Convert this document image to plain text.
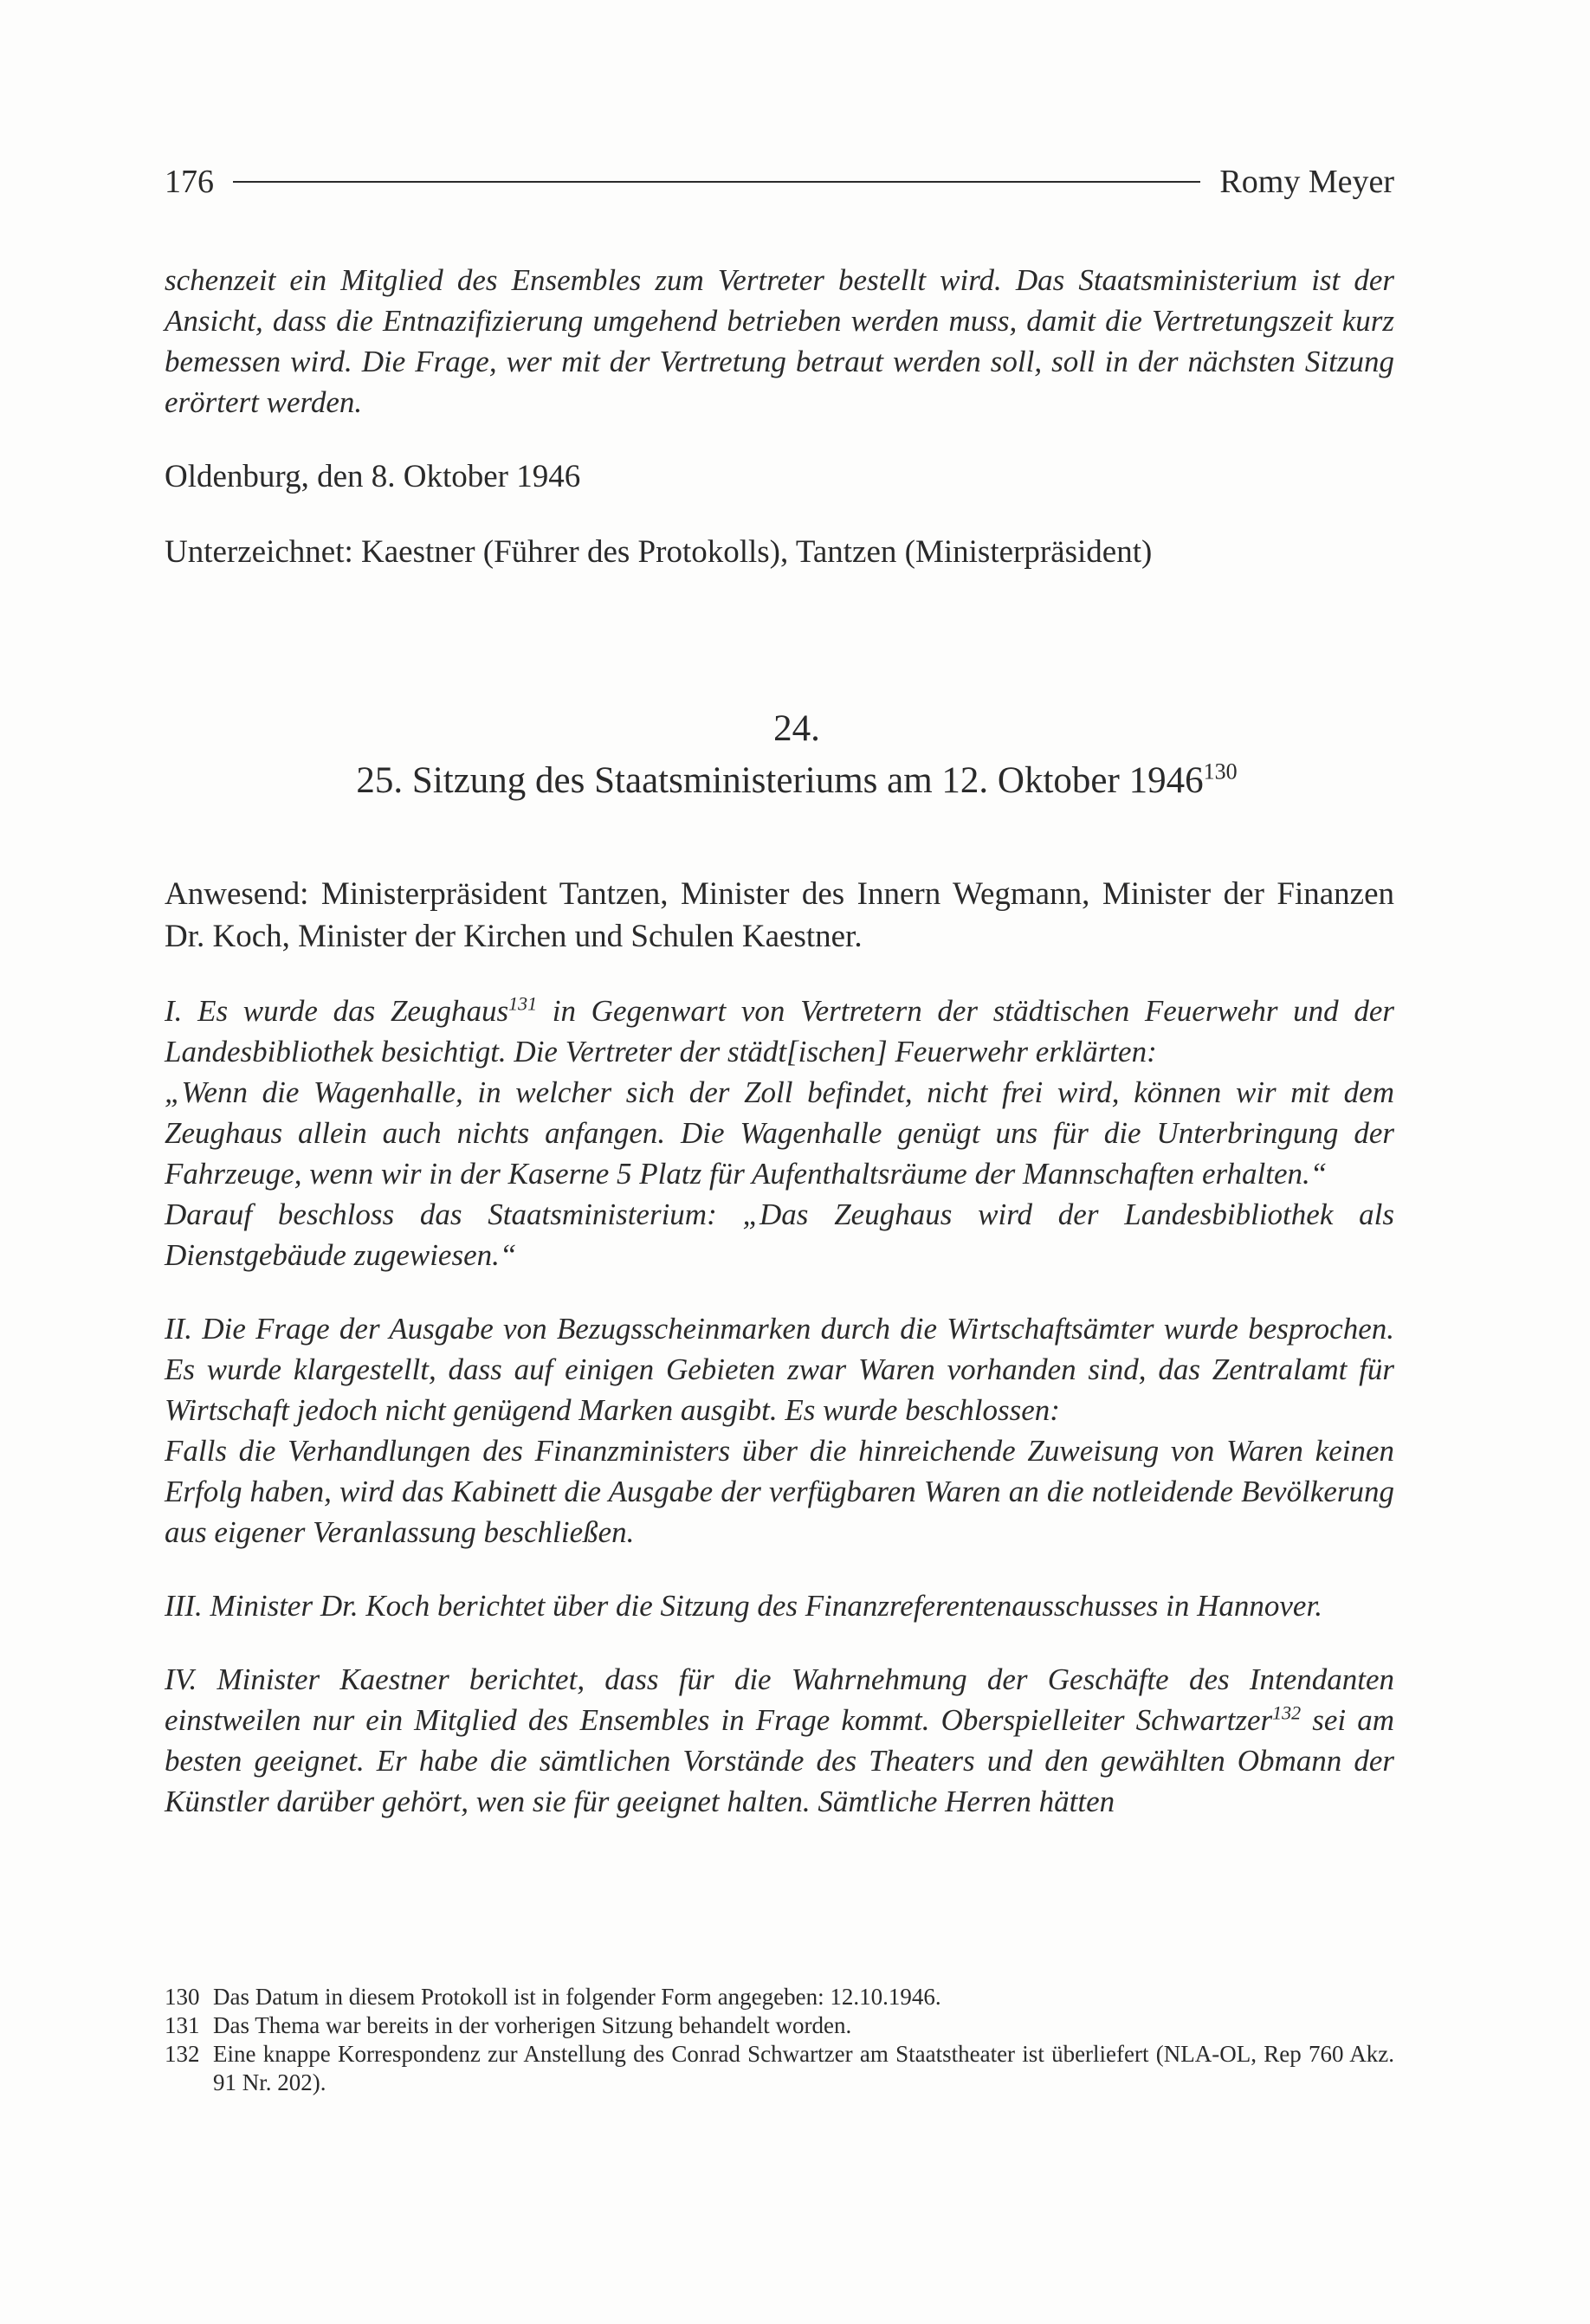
176	Romy Meyer

schenzeit ein Mitglied des Ensembles zum Vertreter bestellt wird. Das Staatsministerium ist der Ansicht, dass die Entnazifizierung umgehend betrieben werden muss, damit die Vertretungszeit kurz bemessen wird. Die Frage, wer mit der Vertretung betraut werden soll, soll in der nächsten Sitzung erörtert werden.

Oldenburg, den 8. Oktober 1946

Unterzeichnet: Kaestner (Führer des Protokolls), Tantzen (Ministerpräsident)

24.
25. Sitzung des Staatsministeriums am 12. Oktober 1946$^{130}$

Anwesend: Ministerpräsident Tantzen, Minister des Innern Wegmann, Minister der Finanzen Dr. Koch, Minister der Kirchen und Schulen Kaestner.

I. Es wurde das Zeughaus$^{131}$ in Gegenwart von Vertretern der städtischen Feuerwehr und der Landesbibliothek besichtigt. Die Vertreter der städt[ischen] Feuerwehr erklärten:

„Wenn die Wagenhalle, in welcher sich der Zoll befindet, nicht frei wird, können wir mit dem Zeughaus allein auch nichts anfangen. Die Wagenhalle genügt uns für die Unterbringung der Fahrzeuge, wenn wir in der Kaserne 5 Platz für Aufenthaltsräume der Mannschaften erhalten.“

Darauf beschloss das Staatsministerium: „Das Zeughaus wird der Landesbibliothek als Dienstgebäude zugewiesen.“

II. Die Frage der Ausgabe von Bezugsscheinmarken durch die Wirtschaftsämter wurde besprochen. Es wurde klargestellt, dass auf einigen Gebieten zwar Waren vorhanden sind, das Zentralamt für Wirtschaft jedoch nicht genügend Marken ausgibt. Es wurde beschlossen:

Falls die Verhandlungen des Finanzministers über die hinreichende Zuweisung von Waren keinen Erfolg haben, wird das Kabinett die Ausgabe der verfügbaren Waren an die notleidende Bevölkerung aus eigener Veranlassung beschließen.

III. Minister Dr. Koch berichtet über die Sitzung des Finanzreferentenausschusses in Hannover.

IV. Minister Kaestner berichtet, dass für die Wahrnehmung der Geschäfte des Intendanten einstweilen nur ein Mitglied des Ensembles in Frage kommt. Oberspielleiter Schwartzer$^{132}$ sei am besten geeignet. Er habe die sämtlichen Vorstände des Theaters und den gewählten Obmann der Künstler darüber gehört, wen sie für geeignet halten. Sämtliche Herren hätten

130 Das Datum in diesem Protokoll ist in folgender Form angegeben: 12.10.1946.
131 Das Thema war bereits in der vorherigen Sitzung behandelt worden.
132 Eine knappe Korrespondenz zur Anstellung des Conrad Schwartzer am Staatstheater ist überliefert (NLA-OL, Rep 760 Akz. 91 Nr. 202).
